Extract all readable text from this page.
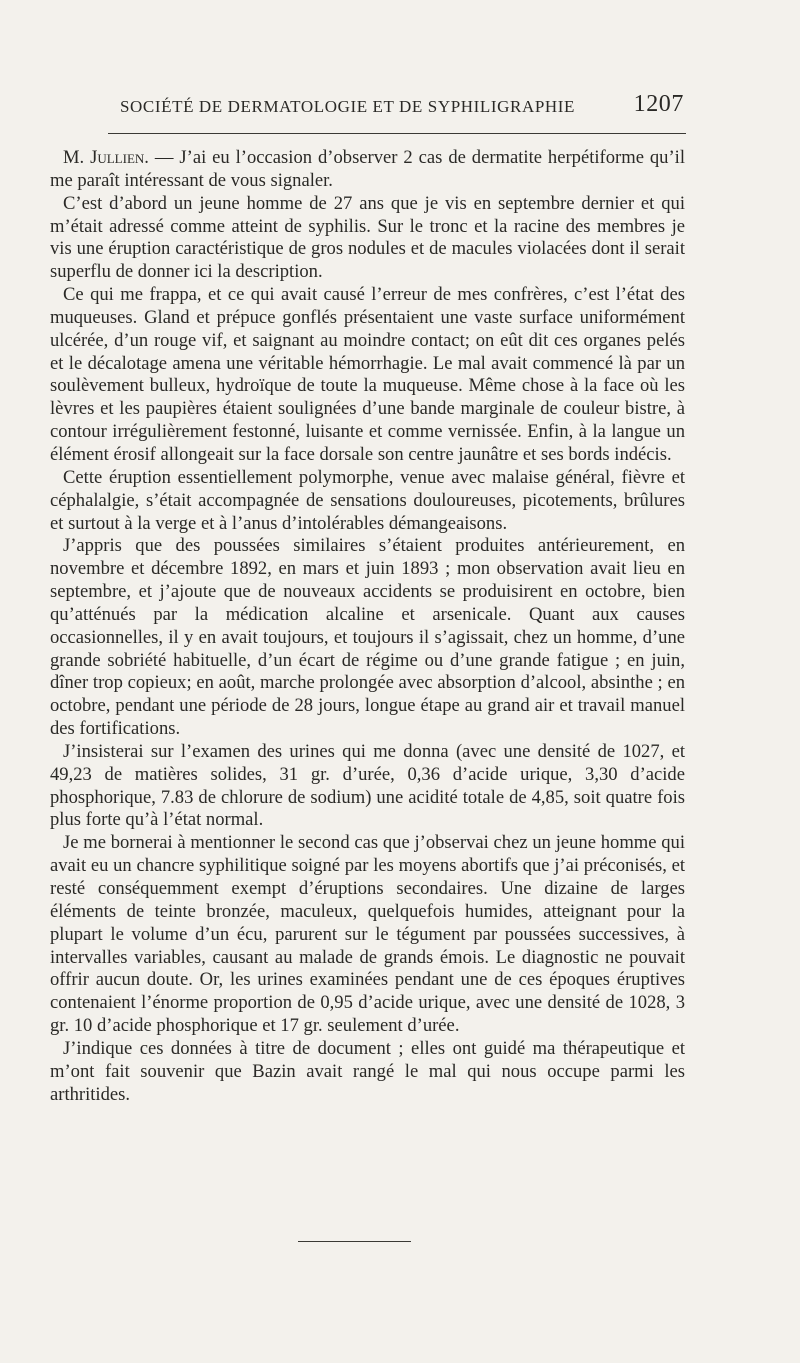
SOCIÉTÉ DE DERMATOLOGIE ET DE SYPHILIGRAPHIE 1207

M. Jullien. — J’ai eu l’occasion d’observer 2 cas de dermatite herpétiforme qu’il me paraît intéressant de vous signaler.

C’est d’abord un jeune homme de 27 ans que je vis en septembre dernier et qui m’était adressé comme atteint de syphilis. Sur le tronc et la racine des membres je vis une éruption caractéristique de gros nodules et de macules violacées dont il serait superflu de donner ici la description.

Ce qui me frappa, et ce qui avait causé l’erreur de mes confrères, c’est l’état des muqueuses. Gland et prépuce gonflés présentaient une vaste surface uniformément ulcérée, d’un rouge vif, et saignant au moindre contact; on eût dit ces organes pelés et le décalotage amena une véritable hémorrhagie. Le mal avait commencé là par un soulèvement bulleux, hydroïque de toute la muqueuse. Même chose à la face où les lèvres et les paupières étaient soulignées d’une bande marginale de couleur bistre, à contour irrégulièrement festonné, luisante et comme vernissée. Enfin, à la langue un élément érosif allongeait sur la face dorsale son centre jaunâtre et ses bords indécis.

Cette éruption essentiellement polymorphe, venue avec malaise général, fièvre et céphalalgie, s’était accompagnée de sensations douloureuses, picotements, brûlures et surtout à la verge et à l’anus d’intolérables démangeaisons.

J’appris que des poussées similaires s’étaient produites antérieurement, en novembre et décembre 1892, en mars et juin 1893 ; mon observation avait lieu en septembre, et j’ajoute que de nouveaux accidents se produisirent en octobre, bien qu’atténués par la médication alcaline et arsenicale. Quant aux causes occasionnelles, il y en avait toujours, et toujours il s’agissait, chez un homme, d’une grande sobriété habituelle, d’un écart de régime ou d’une grande fatigue ; en juin, dîner trop copieux; en août, marche prolongée avec absorption d’alcool, absinthe ; en octobre, pendant une période de 28 jours, longue étape au grand air et travail manuel des fortifications.

J’insisterai sur l’examen des urines qui me donna (avec une densité de 1027, et 49,23 de matières solides, 31 gr. d’urée, 0,36 d’acide urique, 3,30 d’acide phosphorique, 7.83 de chlorure de sodium) une acidité totale de 4,85, soit quatre fois plus forte qu’à l’état normal.

Je me bornerai à mentionner le second cas que j’observai chez un jeune homme qui avait eu un chancre syphilitique soigné par les moyens abortifs que j’ai préconisés, et resté conséquemment exempt d’éruptions secondaires. Une dizaine de larges éléments de teinte bronzée, maculeux, quelquefois humides, atteignant pour la plupart le volume d’un écu, parurent sur le tégument par poussées successives, à intervalles variables, causant au malade de grands émois. Le diagnostic ne pouvait offrir aucun doute. Or, les urines examinées pendant une de ces époques éruptives contenaient l’énorme proportion de 0,95 d’acide urique, avec une densité de 1028, 3 gr. 10 d’acide phosphorique et 17 gr. seulement d’urée.

J’indique ces données à titre de document ; elles ont guidé ma thérapeutique et m’ont fait souvenir que Bazin avait rangé le mal qui nous occupe parmi les arthritides.
